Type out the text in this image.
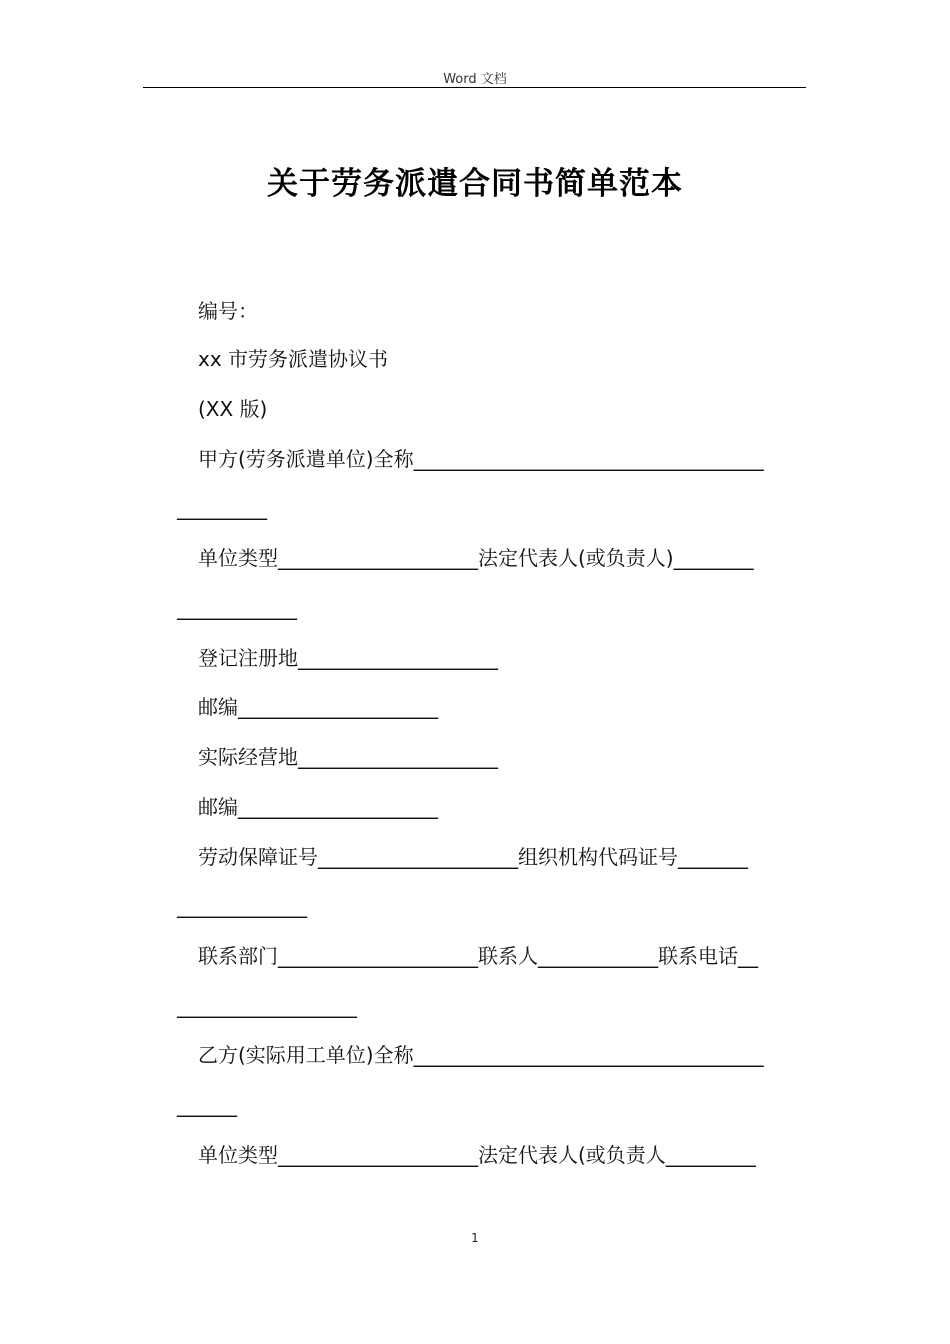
Word 文档
关于劳务派遣合同书简单范本
编号：
xx 市劳务派遣协议书
(XX 版)
甲方(劳务派遣单位)全称___________________________________
_________
单位类型____________________法定代表人(或负责人)________
____________
登记注册地____________________
邮编____________________
实际经营地____________________
邮编____________________
劳动保障证号____________________组织机构代码证号_______
_____________
联系部门____________________联系人____________联系电话__
__________________
乙方(实际用工单位)全称___________________________________
______
单位类型____________________法定代表人(或负责人_________
1
